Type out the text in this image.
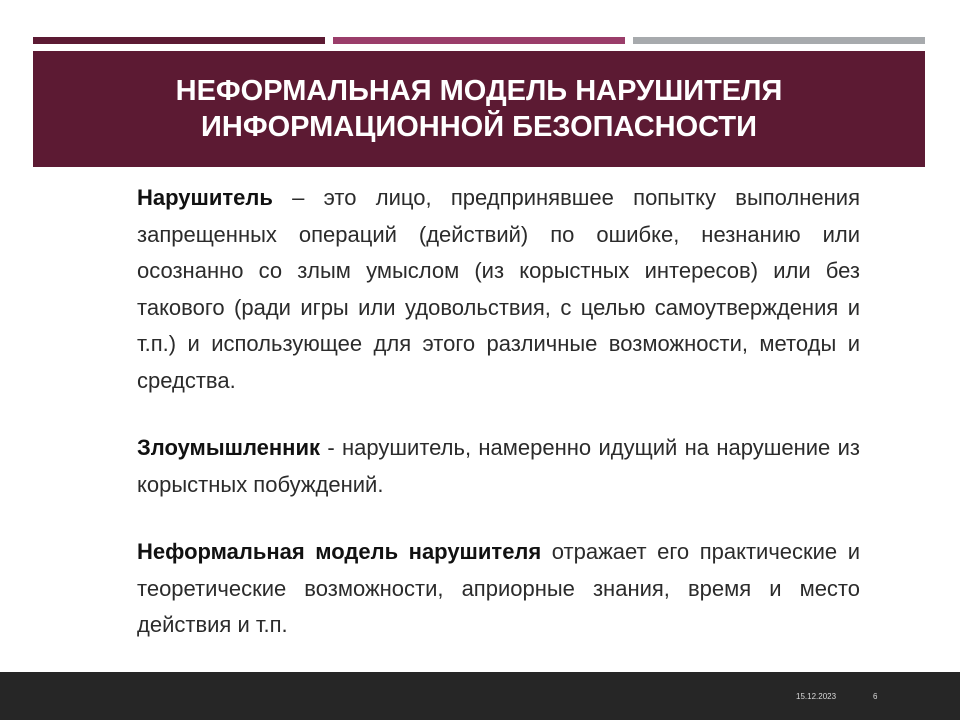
НЕФОРМАЛЬНАЯ МОДЕЛЬ НАРУШИТЕЛЯ
ИНФОРМАЦИОННОЙ БЕЗОПАСНОСТИ

Нарушитель – это лицо, предпринявшее попытку выполнения запрещенных операций (действий) по ошибке, незнанию или осознанно со злым умыслом (из корыстных интересов) или без такового (ради игры или удовольствия, с целью самоутверждения и т.п.) и использующее для этого различные возможности, методы и средства.

Злоумышленник - нарушитель, намеренно идущий на нарушение из корыстных побуждений.

Неформальная модель нарушителя отражает его практические и теоретические возможности, априорные знания, время и место действия и т.п.

15.12.2023	6
